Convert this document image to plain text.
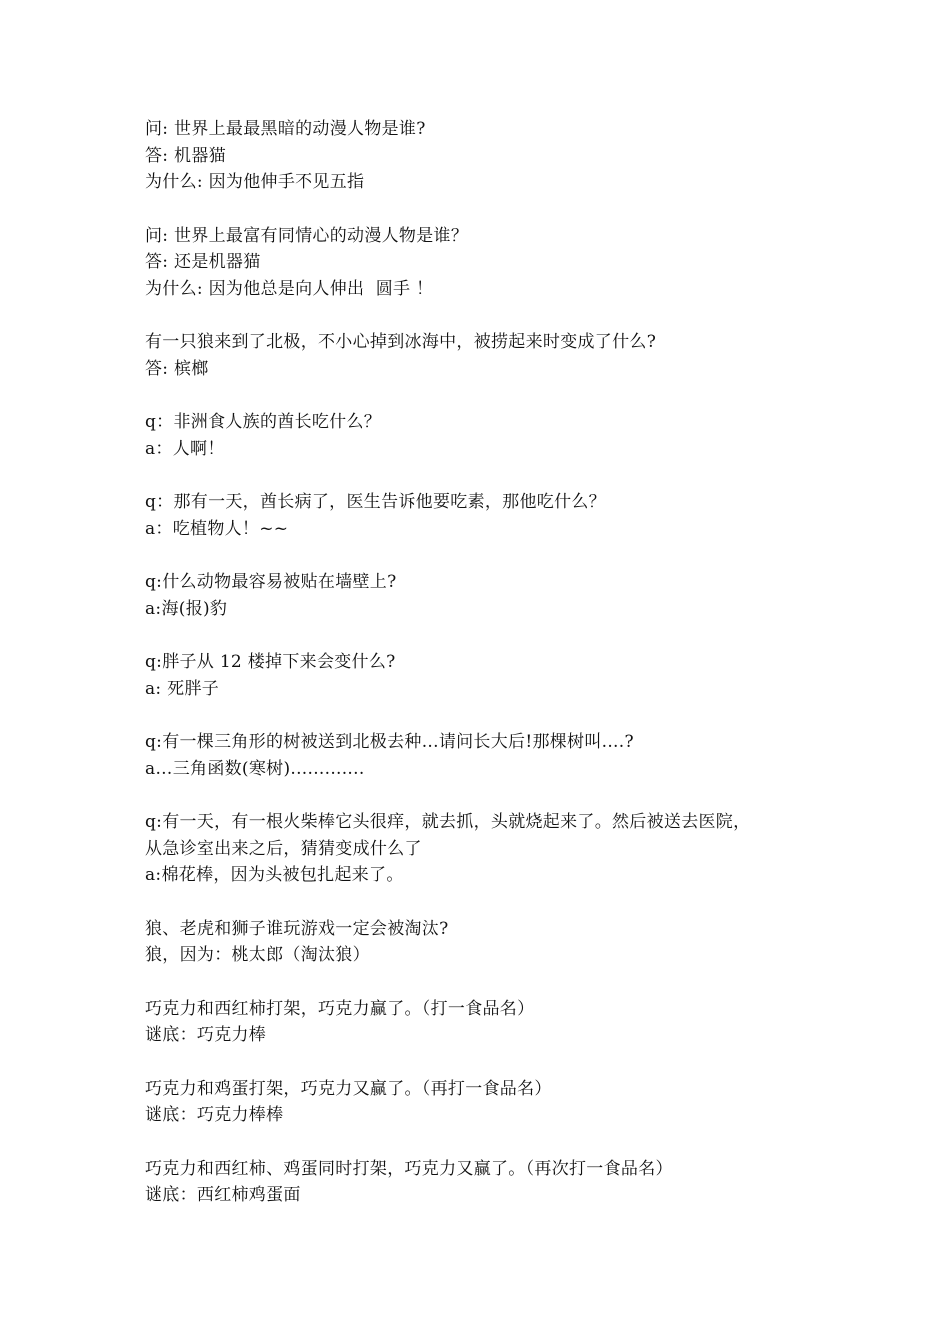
问: 世界上最最黑暗的动漫人物是谁?
答: 机器猫
为什么: 因为他伸手不见五指
问: 世界上最富有同情心的动漫人物是谁？
答: 还是机器猫
为什么: 因为他总是向人伸出  圆手 ！
有一只狼来到了北极，不小心掉到冰海中，被捞起来时变成了什么?
答: 槟榔
q：非洲食人族的酋长吃什么？
a：人啊！
q：那有一天，酋长病了，医生告诉他要吃素，那他吃什么？
a：吃植物人！~~
q:什么动物最容易被贴在墙壁上?
a:海(报)豹
q:胖子从 12 楼掉下来会变什么?
a: 死胖子
q:有一棵三角形的树被送到北极去种...请问长大后!那棵树叫....?
a…三角函数(寒树).............
q:有一天，有一根火柴棒它头很痒，就去抓，头就烧起来了。然后被送去医院，
从急诊室出来之后，猜猜变成什么了
a:棉花棒，因为头被包扎起来了。
狼、老虎和狮子谁玩游戏一定会被淘汰?
狼，因为：桃太郎（淘汰狼）
巧克力和西红柿打架，巧克力赢了。（打一食品名）
谜底：巧克力棒
巧克力和鸡蛋打架，巧克力又赢了。（再打一食品名）
谜底：巧克力棒棒
巧克力和西红柿、鸡蛋同时打架，巧克力又赢了。（再次打一食品名）
谜底：西红柿鸡蛋面
